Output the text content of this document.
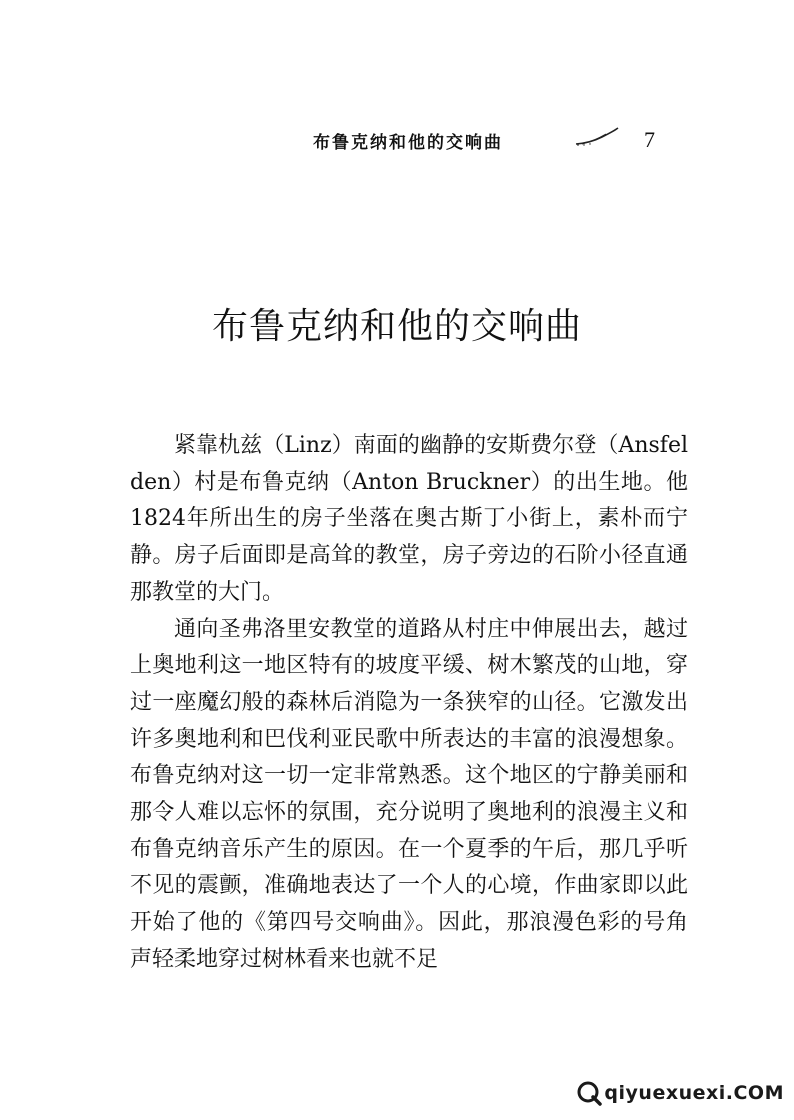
布鲁克纳和他的交响曲	7
布鲁克纳和他的交响曲

紧靠朹兹（Linz）南面的幽静的安斯费尔登（Ansfelden）村是布鲁克纳（Anton Bruckner）的出生地。他1824年所出生的房子坐落在奥古斯丁小街上，素朴而宁静。房子后面即是高耸的教堂，房子旁边的石阶小径直通那教堂的大门。

通向圣弗洛里安教堂的道路从村庄中伸展出去，越过上奥地利这一地区特有的坡度平缓、树木繁茂的山地，穿过一座魔幻般的森林后消隐为一条狭窄的山径。它激发出许多奥地利和巴伐利亚民歌中所表达的丰富的浪漫想象。布鲁克纳对这一切一定非常熟悉。这个地区的宁静美丽和那令人难以忘怀的氛围，充分说明了奥地利的浪漫主义和布鲁克纳音乐产生的原因。在一个夏季的午后，那几乎听不见的震颤，准确地表达了一个人的心境，作曲家即以此开始了他的《第四号交响曲》。因此，那浪漫色彩的号角声轻柔地穿过树林看来也就不足

qiyuexuexi.COM
